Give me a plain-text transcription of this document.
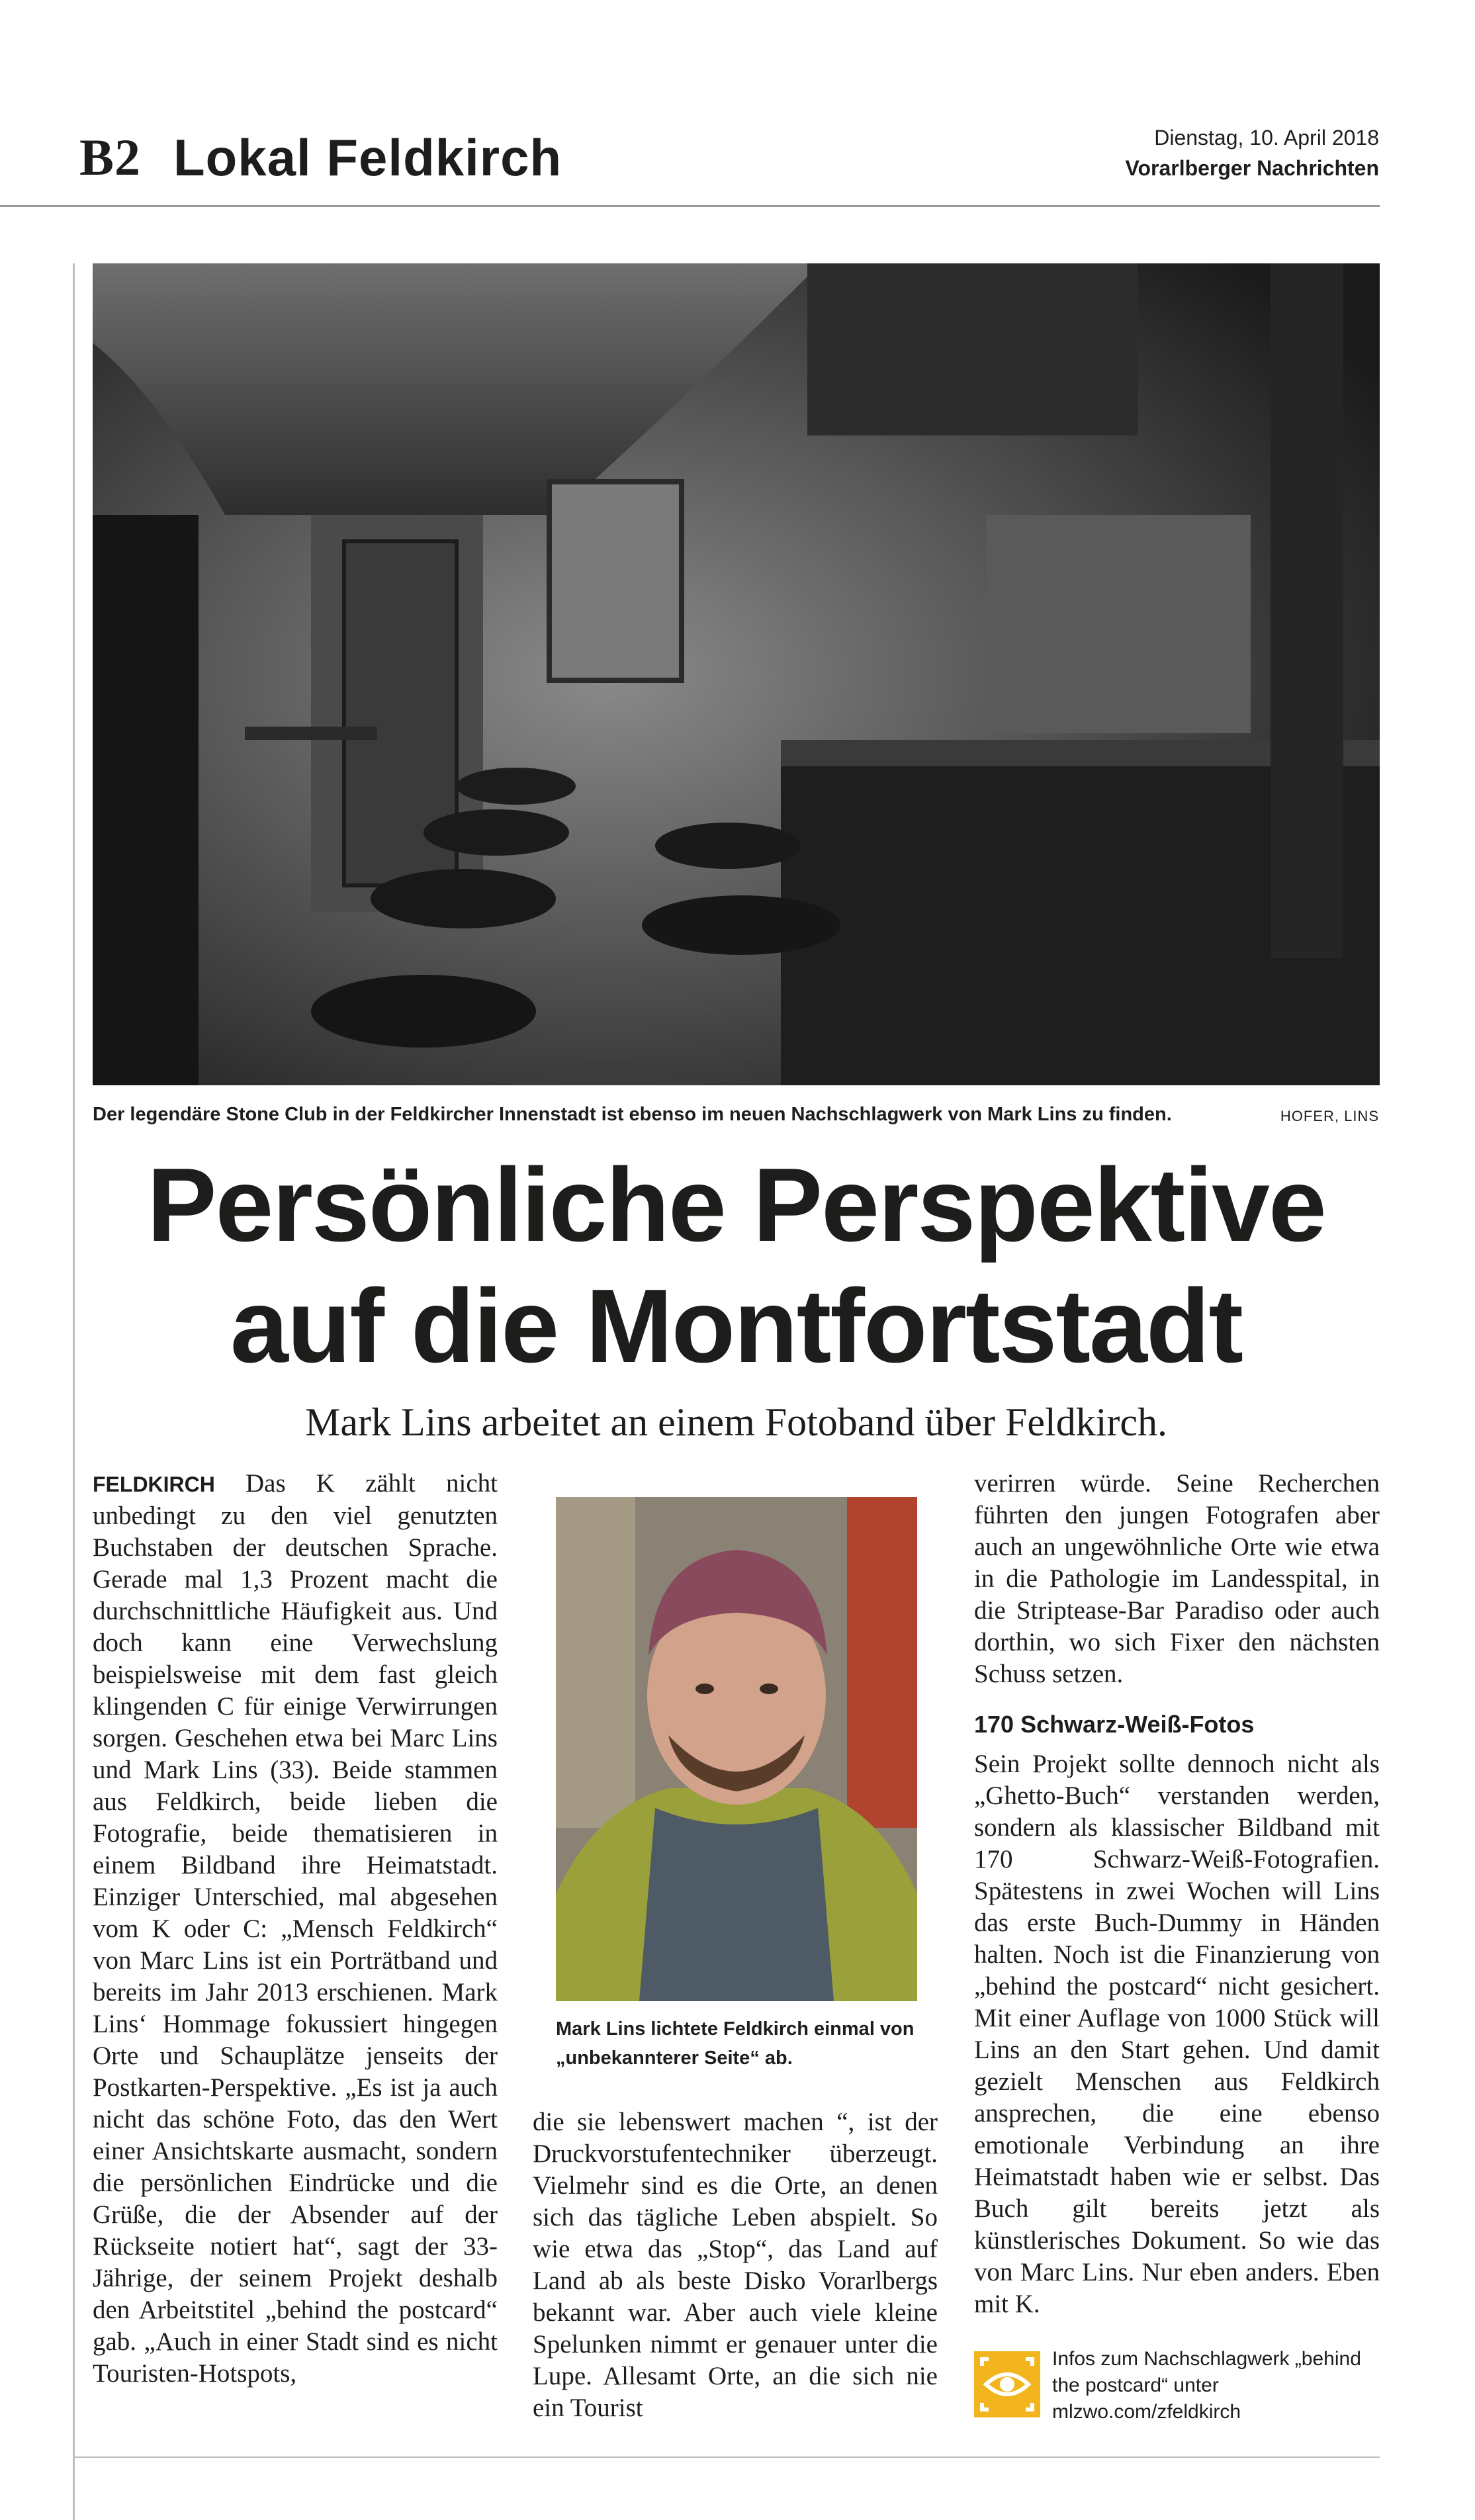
B2 Lokal Feldkirch	Dienstag, 10. April 2018
Vorarlberger Nachrichten
Der legendäre Stone Club in der Feldkircher Innenstadt ist ebenso im neuen Nachschlagwerk von Mark Lins zu finden.	HOFER, LINS
Persönliche Perspektive
auf die Montfortstadt
Mark Lins arbeitet an einem Fotoband über Feldkirch.

FELDKIRCH Das K zählt nicht unbedingt zu den viel genutzten Buchstaben der deutschen Sprache. Gerade mal 1,3 Prozent macht die durchschnittliche Häufigkeit aus. Und doch kann eine Verwechslung beispielsweise mit dem fast gleich klingenden C für einige Verwirrungen sorgen. Geschehen etwa bei Marc Lins und Mark Lins (33). Beide stammen aus Feldkirch, beide lieben die Fotografie, beide thematisieren in einem Bildband ihre Heimatstadt. Einziger Unterschied, mal abgesehen vom K oder C: „Mensch Feldkirch“ von Marc Lins ist ein Porträtband und bereits im Jahr 2013 erschienen. Mark Lins‘ Hommage fokussiert hingegen Orte und Schauplätze jenseits der Postkarten-Perspektive. „Es ist ja auch nicht das schöne Foto, das den Wert einer Ansichtskarte ausmacht, sondern die persönlichen Eindrücke und die Grüße, die der Absender auf der Rückseite notiert hat“, sagt der 33-Jährige, der seinem Projekt deshalb den Arbeitstitel „behind the postcard“ gab. „Auch in einer Stadt sind es nicht Touristen-Hotspots,

Mark Lins lichtete Feldkirch einmal von „unbekannterer Seite“ ab.

die sie lebenswert machen “, ist der Druckvorstufentechniker überzeugt. Vielmehr sind es die Orte, an denen sich das tägliche Leben abspielt. So wie etwa das „Stop“, das Land auf Land ab als beste Disko Vorarlbergs bekannt war. Aber auch viele kleine Spelunken nimmt er genauer unter die Lupe. Allesamt Orte, an die sich nie ein Tourist

verirren würde. Seine Recherchen führten den jungen Fotografen aber auch an ungewöhnliche Orte wie etwa in die Pathologie im Landesspital, in die Striptease-Bar Paradiso oder auch dorthin, wo sich Fixer den nächsten Schuss setzen.

170 Schwarz-Weiß-Fotos

Sein Projekt sollte dennoch nicht als „Ghetto-Buch“ verstanden werden, sondern als klassischer Bildband mit 170 Schwarz-Weiß-Fotografien. Spätestens in zwei Wochen will Lins das erste Buch-Dummy in Händen halten. Noch ist die Finanzierung von „behind the postcard“ nicht gesichert. Mit einer Auflage von 1000 Stück will Lins an den Start gehen. Und damit gezielt Menschen aus Feldkirch ansprechen, die eine ebenso emotionale Verbindung an ihre Heimatstadt haben wie er selbst. Das Buch gilt bereits jetzt als künstlerisches Dokument. So wie das von Marc Lins. Nur eben anders. Eben mit K.

Infos zum Nachschlagwerk „behind the postcard“ unter mlzwo.com/zfeldkirch
